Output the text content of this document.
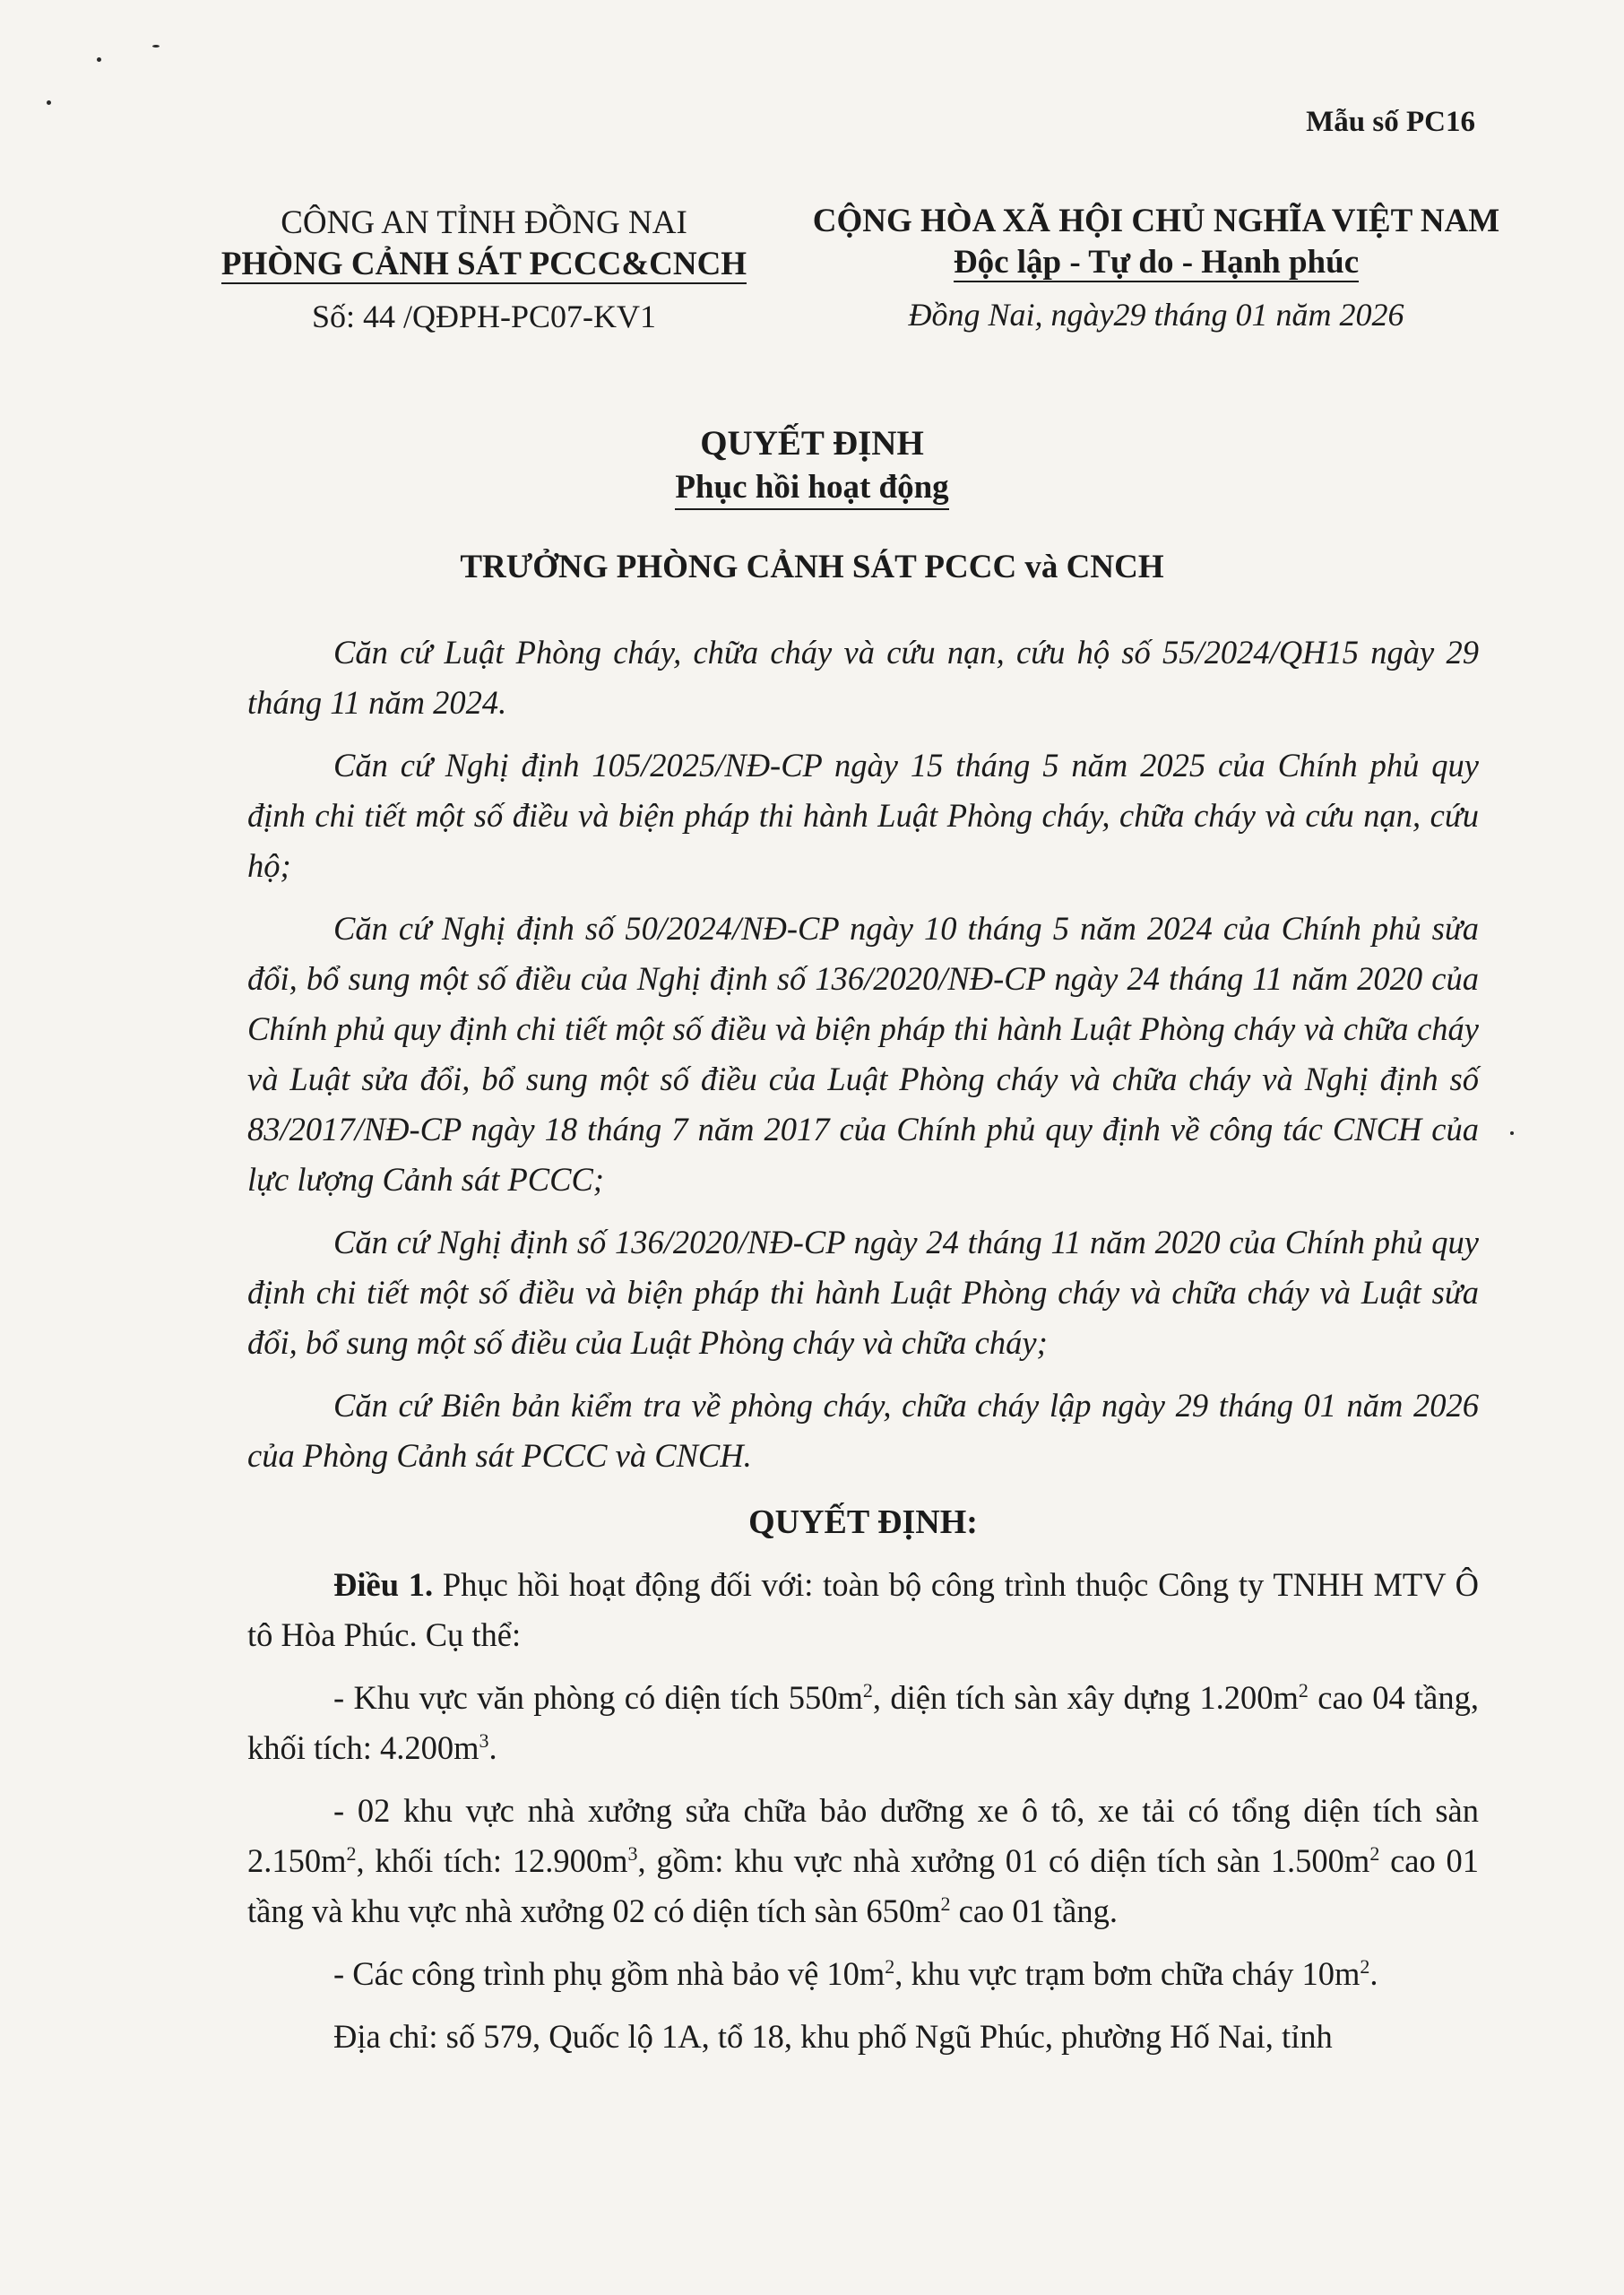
Mẫu số PC16
CÔNG AN TỈNH ĐỒNG NAI
PHÒNG CẢNH SÁT PCCC&CNCH
Số: 44 /QĐPH-PC07-KV1
CỘNG HÒA XÃ HỘI CHỦ NGHĨA VIỆT NAM
Độc lập - Tự do - Hạnh phúc
Đồng Nai, ngày29 tháng 01 năm 2026
QUYẾT ĐỊNH
Phục hồi hoạt động
TRƯỞNG PHÒNG CẢNH SÁT PCCC và CNCH

Căn cứ Luật Phòng cháy, chữa cháy và cứu nạn, cứu hộ số 55/2024/QH15 ngày 29 tháng 11 năm 2024.

Căn cứ Nghị định 105/2025/NĐ-CP ngày 15 tháng 5 năm 2025 của Chính phủ quy định chi tiết một số điều và biện pháp thi hành Luật Phòng cháy, chữa cháy và cứu nạn, cứu hộ;

Căn cứ Nghị định số 50/2024/NĐ-CP ngày 10 tháng 5 năm 2024 của Chính phủ sửa đổi, bổ sung một số điều của Nghị định số 136/2020/NĐ-CP ngày 24 tháng 11 năm 2020 của Chính phủ quy định chi tiết một số điều và biện pháp thi hành Luật Phòng cháy và chữa cháy và Luật sửa đổi, bổ sung một số điều của Luật Phòng cháy và chữa cháy và Nghị định số 83/2017/NĐ-CP ngày 18 tháng 7 năm 2017 của Chính phủ quy định về công tác CNCH của lực lượng Cảnh sát PCCC;

Căn cứ Nghị định số 136/2020/NĐ-CP ngày 24 tháng 11 năm 2020 của Chính phủ quy định chi tiết một số điều và biện pháp thi hành Luật Phòng cháy và chữa cháy và Luật sửa đổi, bổ sung một số điều của Luật Phòng cháy và chữa cháy;

Căn cứ Biên bản kiểm tra về phòng cháy, chữa cháy lập ngày 29 tháng 01 năm 2026 của Phòng Cảnh sát PCCC và CNCH.

QUYẾT ĐỊNH:

Điều 1. Phục hồi hoạt động đối với: toàn bộ công trình thuộc Công ty TNHH MTV Ô tô Hòa Phúc. Cụ thể:

- Khu vực văn phòng có diện tích $550m^2$, diện tích sàn xây dựng $1.200m^2$ cao 04 tầng, khối tích: $4.200m^3$.

- 02 khu vực nhà xưởng sửa chữa bảo dưỡng xe ô tô, xe tải có tổng diện tích sàn $2.150m^2$, khối tích: $12.900m^3$, gồm: khu vực nhà xưởng 01 có diện tích sàn $1.500m^2$ cao 01 tầng và khu vực nhà xưởng 02 có diện tích sàn $650m^2$ cao 01 tầng.

- Các công trình phụ gồm nhà bảo vệ $10m^2$, khu vực trạm bơm chữa cháy $10m^2$.

Địa chỉ: số 579, Quốc lộ 1A, tổ 18, khu phố Ngũ Phúc, phường Hố Nai, tỉnh
